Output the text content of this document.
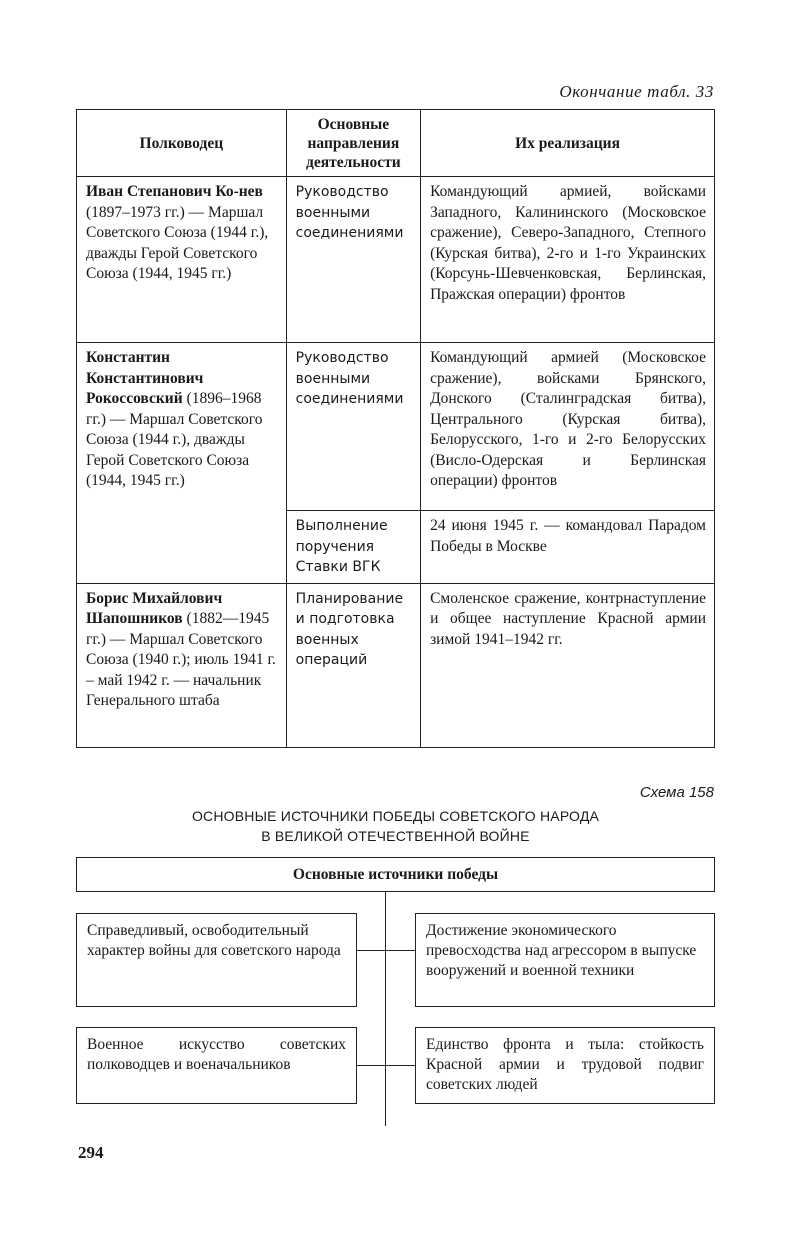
Окончание табл. 33
Полководец	Основные направления деятельности	Их реализация
Иван Степанович Ко-нев (1897–1973 гг.) — Маршал Советского Союза (1944 г.), дважды Герой Советского Союза (1944, 1945 гг.)	Руководство военными соединениями	Командующий армией, войсками Западного, Калининского (Московское сражение), Северо-Западного, Степного (Курская битва), 2-го и 1-го Украинских (Корсунь-Шевченковская, Берлинская, Пражская операции) фронтов
Константин Константинович Рокоссовский (1896–1968 гг.) — Маршал Советского Союза (1944 г.), дважды Герой Советского Союза (1944, 1945 гг.)	Руководство военными соединениями	Командующий армией (Московское сражение), войсками Брянского, Донского (Сталинградская битва), Центрального (Курская битва), Белорусского, 1-го и 2-го Белорусских (Висло-Одерская и Берлинская операции) фронтов
	Выполнение поручения Ставки ВГК	24 июня 1945 г. — командовал Парадом Победы в Москве
Борис Михайлович Шапошников (1882—1945 гг.) — Маршал Советского Союза (1940 г.); июль 1941 г. – май 1942 г. — начальник Генерального штаба	Планирование и подготовка военных операций	Смоленское сражение, контрнаступление и общее наступление Красной армии зимой 1941–1942 гг.
Схема 158
ОСНОВНЫЕ ИСТОЧНИКИ ПОБЕДЫ СОВЕТСКОГО НАРОДА
В ВЕЛИКОЙ ОТЕЧЕСТВЕННОЙ ВОЙНЕ
Основные источники победы
Справедливый, освободительный характер войны для советского народа
Достижение экономического превосходства над агрессором в выпуске вооружений и военной техники
Военное искусство советских полководцев и военачальников
Единство фронта и тыла: стойкость Красной армии и трудовой подвиг советских людей
294
